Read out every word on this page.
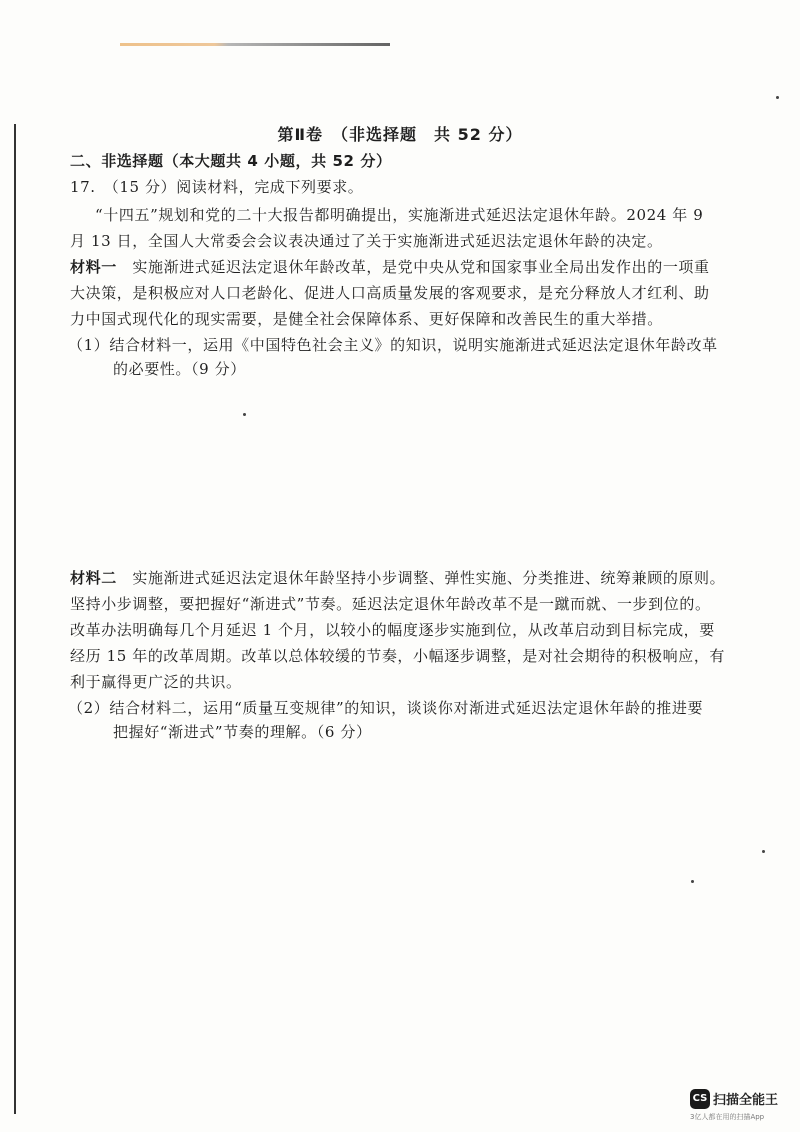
第Ⅱ卷　（非选择题　共 52 分）
二、非选择题（本大题共 4 小题，共 52 分）
17.　（15 分）阅读材料，完成下列要求。
“十四五”规划和党的二十大报告都明确提出，实施渐进式延迟法定退休年龄。2024 年 9
月 13 日，全国人大常委会会议表决通过了关于实施渐进式延迟法定退休年龄的决定。
材料一　实施渐进式延迟法定退休年龄改革，是党中央从党和国家事业全局出发作出的一项重
大决策，是积极应对人口老龄化、促进人口高质量发展的客观要求，是充分释放人才红利、助
力中国式现代化的现实需要，是健全社会保障体系、更好保障和改善民生的重大举措。
（1）结合材料一，运用《中国特色社会主义》的知识，说明实施渐进式延迟法定退休年龄改革
的必要性。（9 分）
材料二　实施渐进式延迟法定退休年龄坚持小步调整、弹性实施、分类推进、统筹兼顾的原则。
坚持小步调整，要把握好“渐进式”节奏。延迟法定退休年龄改革不是一蹴而就、一步到位的。
改革办法明确每几个月延迟 1 个月，以较小的幅度逐步实施到位，从改革启动到目标完成，要
经历 15 年的改革周期。改革以总体较缓的节奏，小幅逐步调整，是对社会期待的积极响应，有
利于赢得更广泛的共识。
（2）结合材料二，运用“质量互变规律”的知识，谈谈你对渐进式延迟法定退休年龄的推进要
把握好“渐进式”节奏的理解。（6 分）
CS 扫描全能王
3亿人都在用的扫描App
